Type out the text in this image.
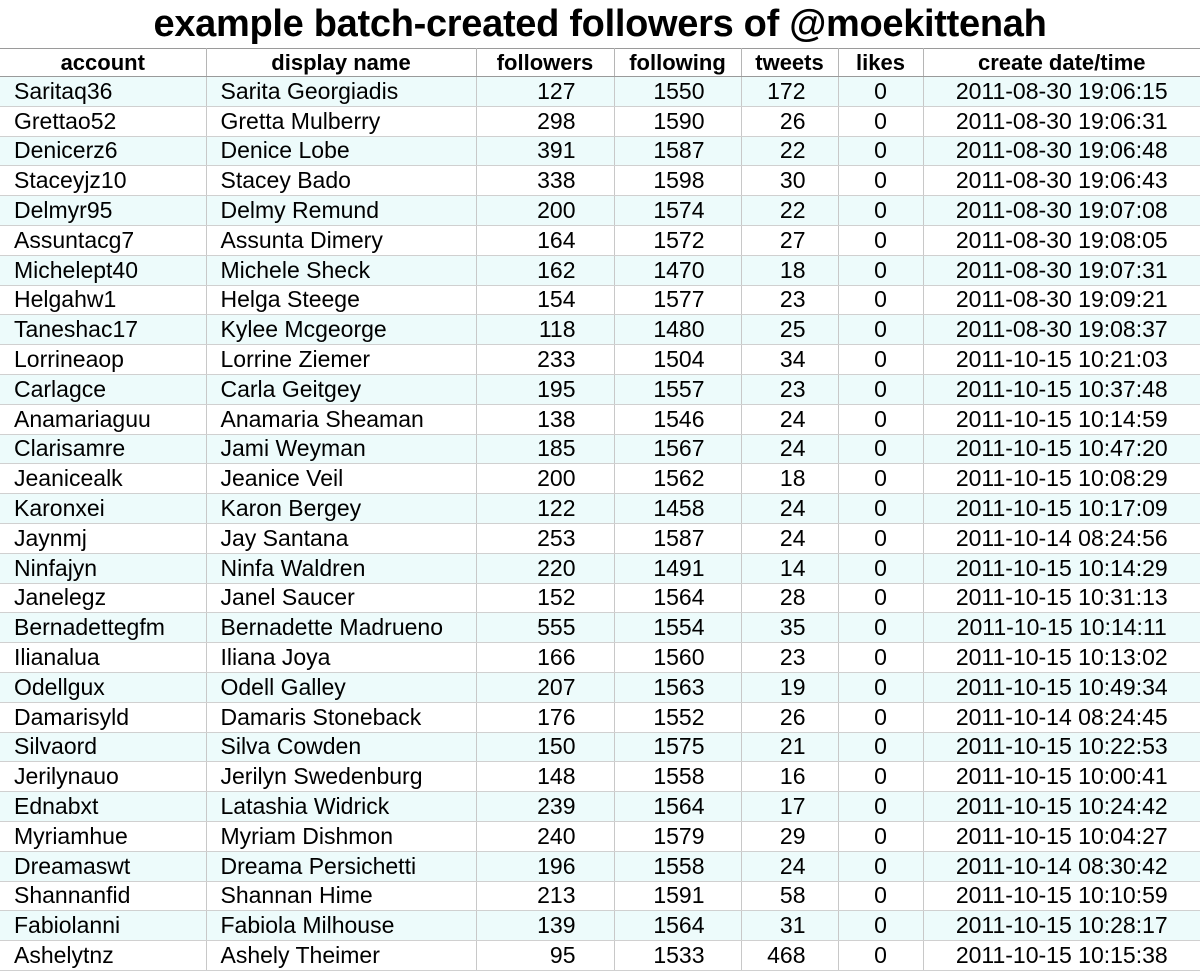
example batch-created followers of @moekittenah
account	display name	followers	following	tweets	likes	create date/time
Saritaq36	Sarita Georgiadis	127	1550	172	0	2011-08-30 19:06:15
Grettao52	Gretta Mulberry	298	1590	26	0	2011-08-30 19:06:31
Denicerz6	Denice Lobe	391	1587	22	0	2011-08-30 19:06:48
Staceyjz10	Stacey Bado	338	1598	30	0	2011-08-30 19:06:43
Delmyr95	Delmy Remund	200	1574	22	0	2011-08-30 19:07:08
Assuntacg7	Assunta Dimery	164	1572	27	0	2011-08-30 19:08:05
Michelept40	Michele Sheck	162	1470	18	0	2011-08-30 19:07:31
Helgahw1	Helga Steege	154	1577	23	0	2011-08-30 19:09:21
Taneshac17	Kylee Mcgeorge	118	1480	25	0	2011-08-30 19:08:37
Lorrineaop	Lorrine Ziemer	233	1504	34	0	2011-10-15 10:21:03
Carlagce	Carla Geitgey	195	1557	23	0	2011-10-15 10:37:48
Anamariaguu	Anamaria Sheaman	138	1546	24	0	2011-10-15 10:14:59
Clarisamre	Jami Weyman	185	1567	24	0	2011-10-15 10:47:20
Jeanicealk	Jeanice Veil	200	1562	18	0	2011-10-15 10:08:29
Karonxei	Karon Bergey	122	1458	24	0	2011-10-15 10:17:09
Jaynmj	Jay Santana	253	1587	24	0	2011-10-14 08:24:56
Ninfajyn	Ninfa Waldren	220	1491	14	0	2011-10-15 10:14:29
Janelegz	Janel Saucer	152	1564	28	0	2011-10-15 10:31:13
Bernadettegfm	Bernadette Madrueno	555	1554	35	0	2011-10-15 10:14:11
Ilianalua	Iliana Joya	166	1560	23	0	2011-10-15 10:13:02
Odellgux	Odell Galley	207	1563	19	0	2011-10-15 10:49:34
Damarisyld	Damaris Stoneback	176	1552	26	0	2011-10-14 08:24:45
Silvaord	Silva Cowden	150	1575	21	0	2011-10-15 10:22:53
Jerilynauo	Jerilyn Swedenburg	148	1558	16	0	2011-10-15 10:00:41
Ednabxt	Latashia Widrick	239	1564	17	0	2011-10-15 10:24:42
Myriamhue	Myriam Dishmon	240	1579	29	0	2011-10-15 10:04:27
Dreamaswt	Dreama Persichetti	196	1558	24	0	2011-10-14 08:30:42
Shannanfid	Shannan Hime	213	1591	58	0	2011-10-15 10:10:59
Fabiolanni	Fabiola Milhouse	139	1564	31	0	2011-10-15 10:28:17
Ashelytnz	Ashely Theimer	95	1533	468	0	2011-10-15 10:15:38
